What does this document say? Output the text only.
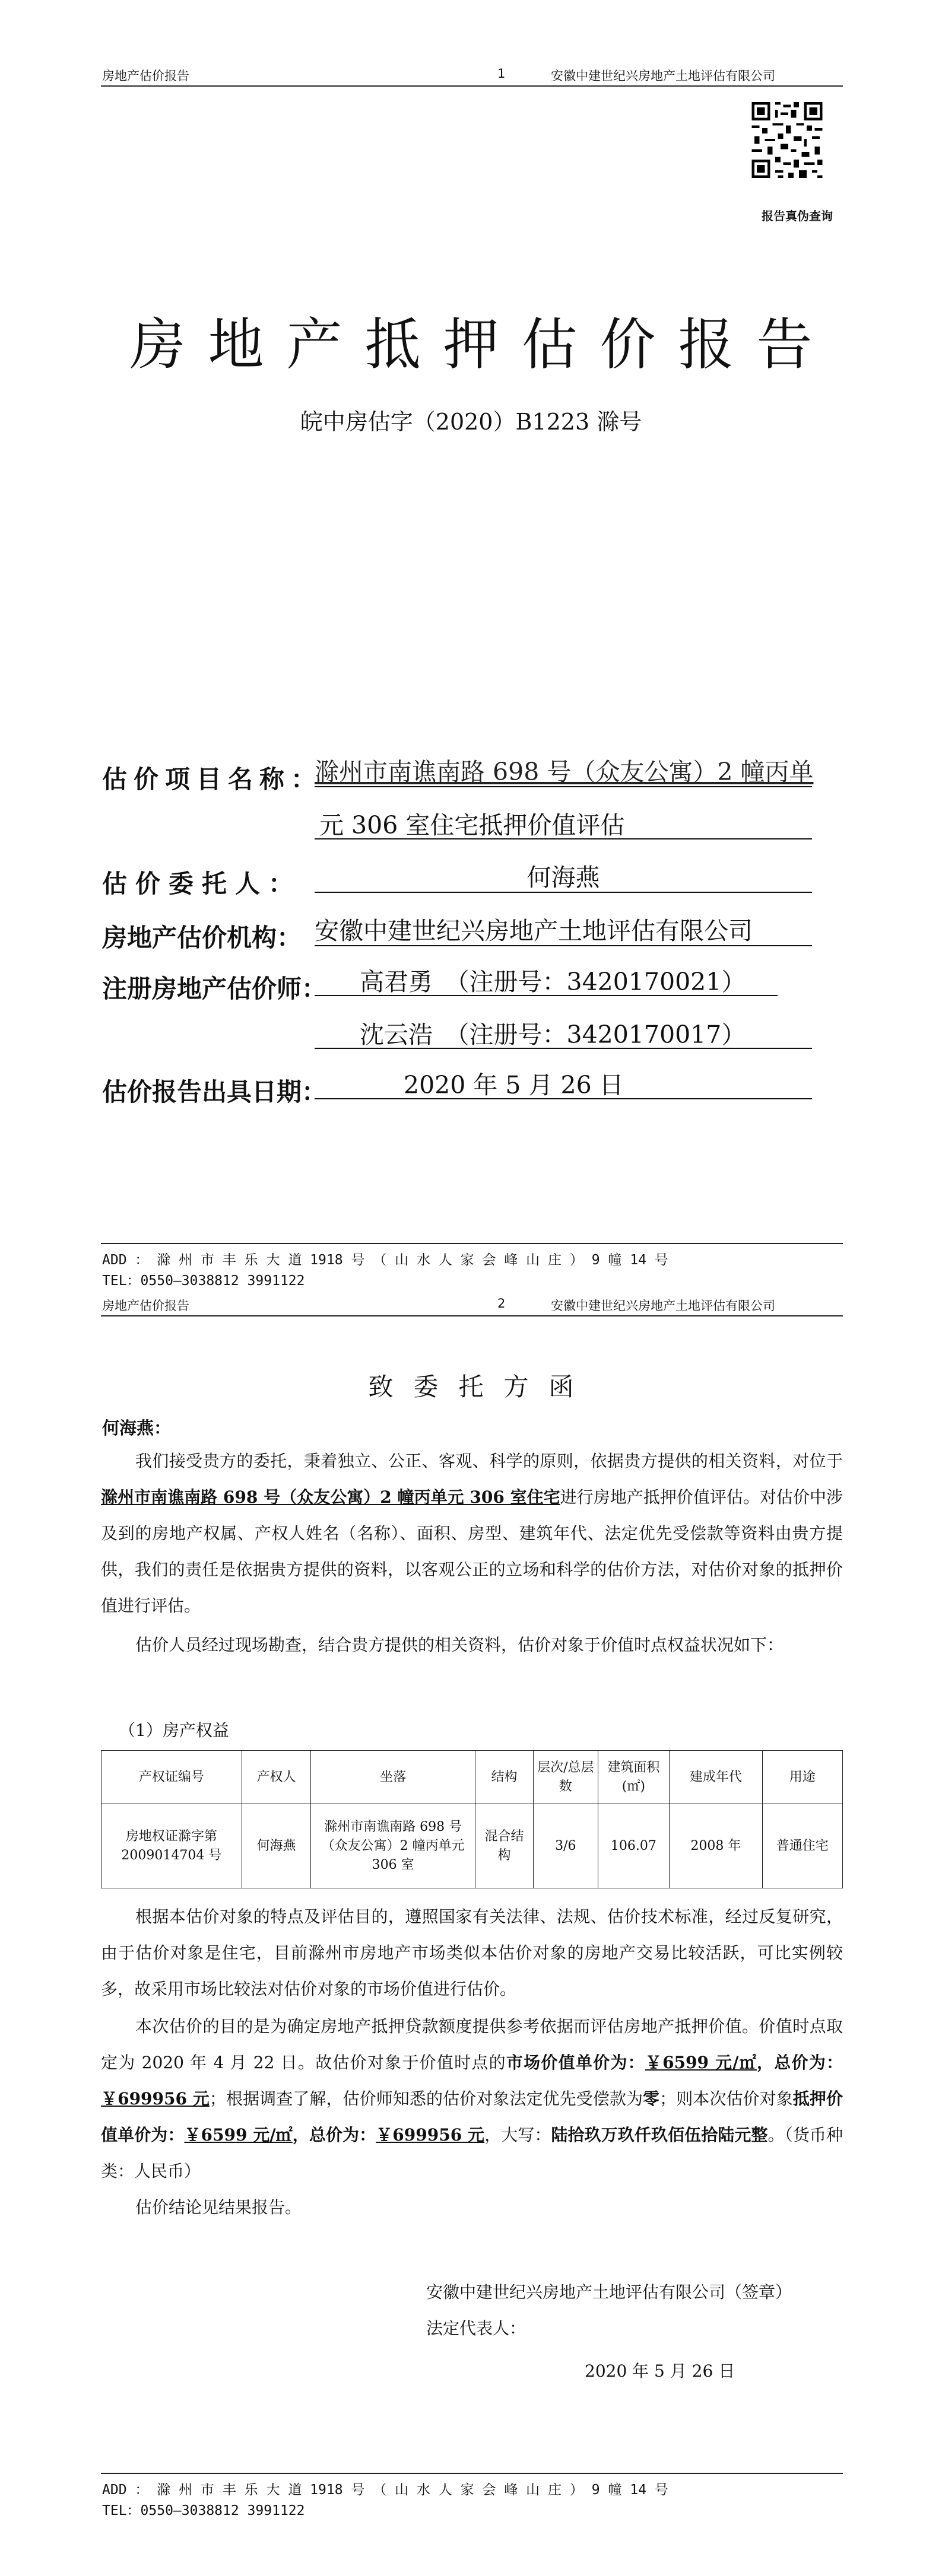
房地产估价报告	1	安徽中建世纪兴房地产土地评估有限公司
报告真伪查询
房地产抵押估价报告
皖中房估字（2020）B1223 滁号
估价项目名称：
滁州市南谯南路 698 号（众友公寓）2 幢丙单
元 306 室住宅抵押价值评估
估价委托人：	何海燕
房地产估价机构： 安徽中建世纪兴房地产土地评估有限公司
注册房地产估价师：	高君勇　（注册号：3420170021）
沈云浩　（注册号：3420170017）
估价报告出具日期：	2020 年 5 月 26 日
ADD ： 滁 州 市 丰 乐 大 道 1918 号 （ 山 水 人 家 会 峰 山 庄 ） 9 幢 14 号
TEL：0550—3038812 3991122
房地产估价报告	2	安徽中建世纪兴房地产土地评估有限公司
致委托方函
何海燕：
我们接受贵方的委托，秉着独立、公正、客观、科学的原则，依据贵方提供的相关资料，对位于滁州市南谯南路 698 号（众友公寓）2 幢丙单元 306 室住宅进行房地产抵押价值评估。对估价中涉及到的房地产权属、产权人姓名（名称）、面积、房型、建筑年代、法定优先受偿款等资料由贵方提供，我们的责任是依据贵方提供的资料，以客观公正的立场和科学的估价方法，对估价对象的抵押价值进行评估。
估价人员经过现场勘查，结合贵方提供的相关资料，估价对象于价值时点权益状况如下：
（1）房产权益
产权证编号	产权人	坐落	结构	层次/总层数	建筑面积(㎡)	建成年代	用途
房地权证滁字第2009014704 号	何海燕	滁州市南谯南路 698 号（众友公寓）2 幢丙单元 306 室	混合结构	3/6	106.07	2008 年	普通住宅
根据本估价对象的特点及评估目的，遵照国家有关法律、法规、估价技术标准，经过反复研究，由于估价对象是住宅，目前滁州市房地产市场类似本估价对象的房地产交易比较活跃，可比实例较多，故采用市场比较法对估价对象的市场价值进行估价。
本次估价的目的是为确定房地产抵押贷款额度提供参考依据而评估房地产抵押价值。价值时点取定为 2020 年 4 月 22 日。故估价对象于价值时点的市场价值单价为：￥6599 元/㎡，总价为：￥699956 元；根据调查了解，估价师知悉的估价对象法定优先受偿款为零；则本次估价对象抵押价值单价为：￥6599 元/㎡，总价为：￥699956 元，大写：陆拾玖万玖仟玖佰伍拾陆元整。（货币种类：人民币）
估价结论见结果报告。
安徽中建世纪兴房地产土地评估有限公司（签章）
法定代表人：
2020 年 5 月 26 日
ADD ： 滁 州 市 丰 乐 大 道 1918 号 （ 山 水 人 家 会 峰 山 庄 ） 9 幢 14 号
TEL：0550—3038812 3991122
